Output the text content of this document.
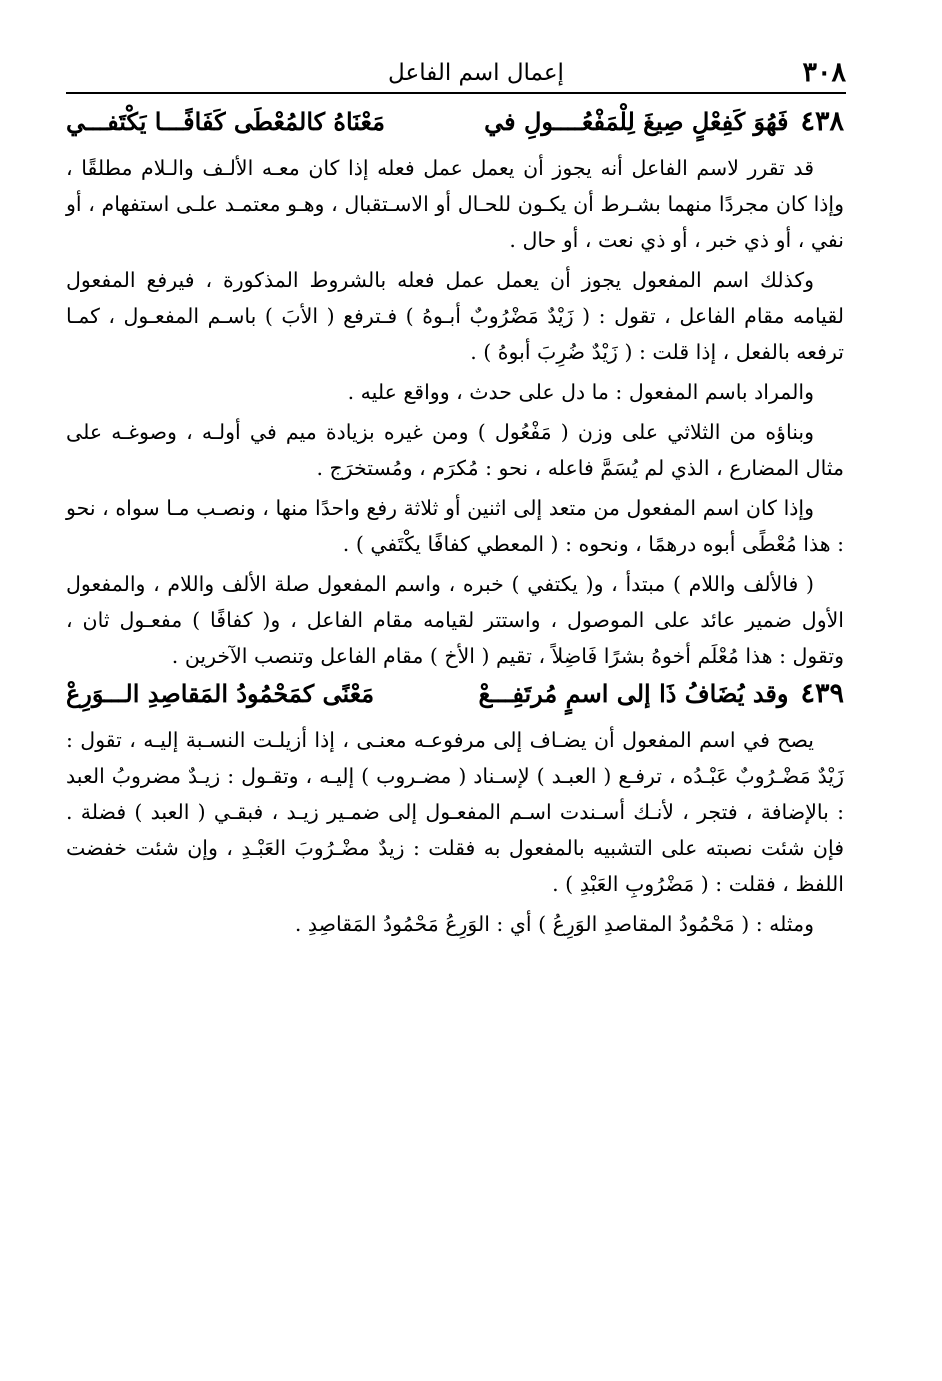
٣٠٨
إعمال اسم الفاعل
٤٣٨
فَهُوَ كَفِعْلٍ صِيغَ لِلْمَفْعُــــولِ في
مَعْنَاهُ كالمُعْطَى كَفَافًـــا يَكْتَفـــي

قد تقرر لاسم الفاعل أنه يجوز أن يعمل عمل فعله إذا كان معـه الألـف والـلام مطلقًا ، وإذا كان مجردًا منهما بشـرط أن يكـون للحـال أو الاسـتقبال ، وهـو معتمـد علـى استفهام ، أو نفي ، أو ذي خبر ، أو ذي نعت ، أو حال .

وكذلك اسم المفعول يجوز أن يعمل عمل فعله بالشروط المذكورة ، فيرفع المفعول لقيامه مقام الفاعل ، تقول : ( زَيْدٌ مَضْرُوبٌ أبـوهُ ) فـترفع ( الأبَ ) باسـم المفعـول ، كمـا ترفعه بالفعل ، إذا قلت : ( زَيْدٌ ضُرِبَ أبوهُ ) .

والمراد باسم المفعول : ما دل على حدث ، وواقع عليه .

وبناؤه من الثلاثي على وزن ( مَفْعُول ) ومن غيره بزيادة ميم في أولـه ، وصوغـه على مثال المضارع ، الذي لم يُسَمَّ فاعله ، نحو : مُكرَم ، ومُستخرَج .

وإذا كان اسم المفعول من متعد إلى اثنين أو ثلاثة رفع واحدًا منها ، ونصـب مـا سواه ، نحو : هذا مُعْطًى أبوه درهمًا ، ونحوه : ( المعطي كفافًا يكْتَفي ) .

( فالألف واللام ) مبتدأ ، و( يكتفي ) خبره ، واسم المفعول صلة الألف واللام ، والمفعول الأول ضمير عائد على الموصول ، واستتر لقيامه مقام الفاعل ، و( كفافًا ) مفعـول ثان ، وتقول : هذا مُعْلَم أخوهُ بشرًا فَاضِلاً ، تقيم ( الأخ ) مقام الفاعل وتنصب الآخرين .

٤٣٩
وقد يُضَافُ ذَا إلى اسمٍ مُرتَفِـــعْ
مَعْنًى كمَحْمُودُ المَقاصِدِ الـــوَرِعْ

يصح في اسم المفعول أن يضـاف إلى مرفوعـه معنـى ، إذا أزيلـت النسـبة إليـه ، تقول : زَيْدٌ مَضْـرُوبٌ عَبْـدُه ، ترفـع ( العبـد ) لإسـناد ( مضـروب ) إليـه ، وتقـول : زيـدٌ مضروبُ العبد : بالإضافة ، فتجر ، لأنـك أسـندت اسـم المفعـول إلى ضمـير زيـد ، فبقـي ( العبد ) فضلة . فإن شئت نصبته على التشبيه بالمفعول به فقلت : زيدٌ مضْـرُوبَ العَبْـدِ ، وإن شئت خفضت اللفظ ، فقلت : ( مَضْرُوبِ العَبْدِ ) .

ومثله : ( مَحْمُودُ المقاصدِ الوَرِعُ ) أي : الوَرِعُ مَحْمُودُ المَقاصِدِ .
